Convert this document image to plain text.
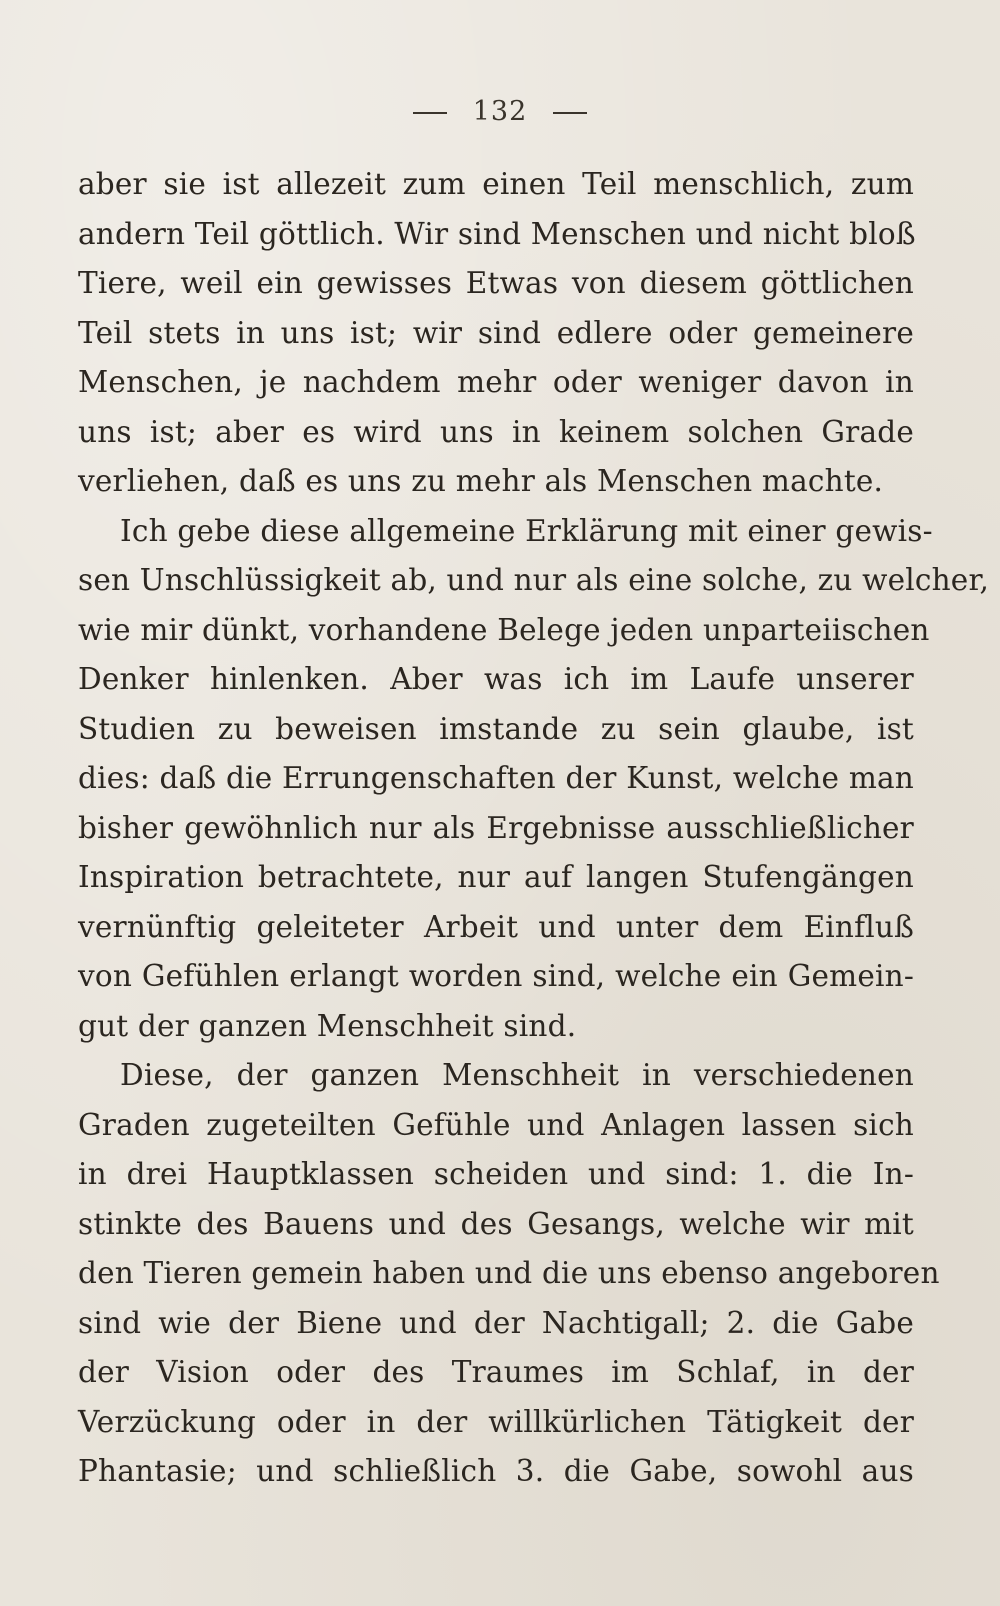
132
aber sie ist allezeit zum einen Teil menschlich, zum
andern Teil göttlich. Wir sind Menschen und nicht bloß
Tiere, weil ein gewisses Etwas von diesem göttlichen
Teil stets in uns ist; wir sind edlere oder gemeinere
Menschen, je nachdem mehr oder weniger davon in
uns ist; aber es wird uns in keinem solchen Grade
verliehen, daß es uns zu mehr als Menschen machte.
Ich gebe diese allgemeine Erklärung mit einer gewis-
sen Unschlüssigkeit ab, und nur als eine solche, zu welcher,
wie mir dünkt, vorhandene Belege jeden unparteiischen
Denker hinlenken. Aber was ich im Laufe unserer
Studien zu beweisen imstande zu sein glaube, ist
dies: daß die Errungenschaften der Kunst, welche man
bisher gewöhnlich nur als Ergebnisse ausschließlicher
Inspiration betrachtete, nur auf langen Stufengängen
vernünftig geleiteter Arbeit und unter dem Einfluß
von Gefühlen erlangt worden sind, welche ein Gemein-
gut der ganzen Menschheit sind.
Diese, der ganzen Menschheit in verschiedenen
Graden zugeteilten Gefühle und Anlagen lassen sich
in drei Hauptklassen scheiden und sind: 1. die In-
stinkte des Bauens und des Gesangs, welche wir mit
den Tieren gemein haben und die uns ebenso angeboren
sind wie der Biene und der Nachtigall; 2. die Gabe
der Vision oder des Traumes im Schlaf, in der
Verzückung oder in der willkürlichen Tätigkeit der
Phantasie; und schließlich 3. die Gabe, sowohl aus
